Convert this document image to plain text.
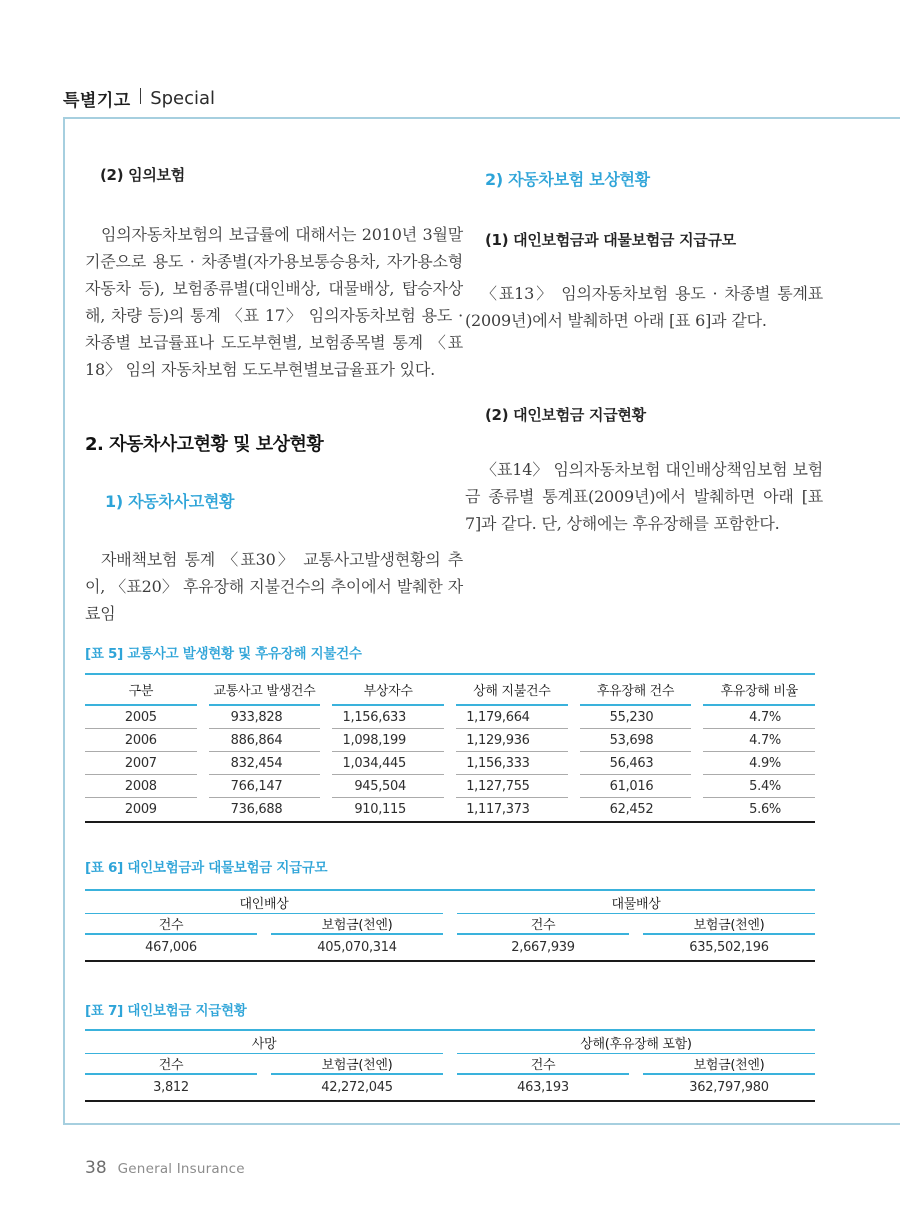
특별기고 Special
(2) 임의보험
임의자동차보험의 보급률에 대해서는 2010년 3월말 기준으로 용도 · 차종별(자가용보통승용차, 자가용소형 자동차 등), 보험종류별(대인배상, 대물배상, 탑승자상해, 차량 등)의 통계 〈표 17〉 임의자동차보험 용도 · 차종별 보급률표나 도도부현별, 보험종목별 통계 〈표 18〉 임의 자동차보험 도도부현별보급율표가 있다.
2. 자동차사고현황 및 보상현황
1) 자동차사고현황
자배책보험 통계 〈표30〉 교통사고발생현황의 추이, 〈표20〉 후유장해 지불건수의 추이에서 발췌한 자료임
2) 자동차보험 보상현황
(1) 대인보험금과 대물보험금 지급규모
〈표13〉 임의자동차보험 용도 · 차종별 통계표(2009년)에서 발췌하면 아래 [표 6]과 같다.
(2) 대인보험금 지급현황
〈표14〉 임의자동차보험 대인배상책임보험 보험금 종류별 통계표(2009년)에서 발췌하면 아래 [표 7]과 같다. 단, 상해에는 후유장해를 포함한다.
[표 5] 교통사고 발생현황 및 후유장해 지불건수
구분	교통사고 발생건수	부상자수	상해 지불건수	후유장해 건수	후유장해 비율
2005	933,828	1,156,633	1,179,664	55,230	4.7%
2006	886,864	1,098,199	1,129,936	53,698	4.7%
2007	832,454	1,034,445	1,156,333	56,463	4.9%
2008	766,147	945,504	1,127,755	61,016	5.4%
2009	736,688	910,115	1,117,373	62,452	5.6%
[표 6] 대인보험금과 대물보험금 지급규모
대인배상	대물배상
건수	보험금(천엔)	건수	보험금(천엔)
467,006	405,070,314	2,667,939	635,502,196
[표 7] 대인보험금 지급현황
사망	상해(후유장해 포함)
건수	보험금(천엔)	건수	보험금(천엔)
3,812	42,272,045	463,193	362,797,980
38 General Insurance
